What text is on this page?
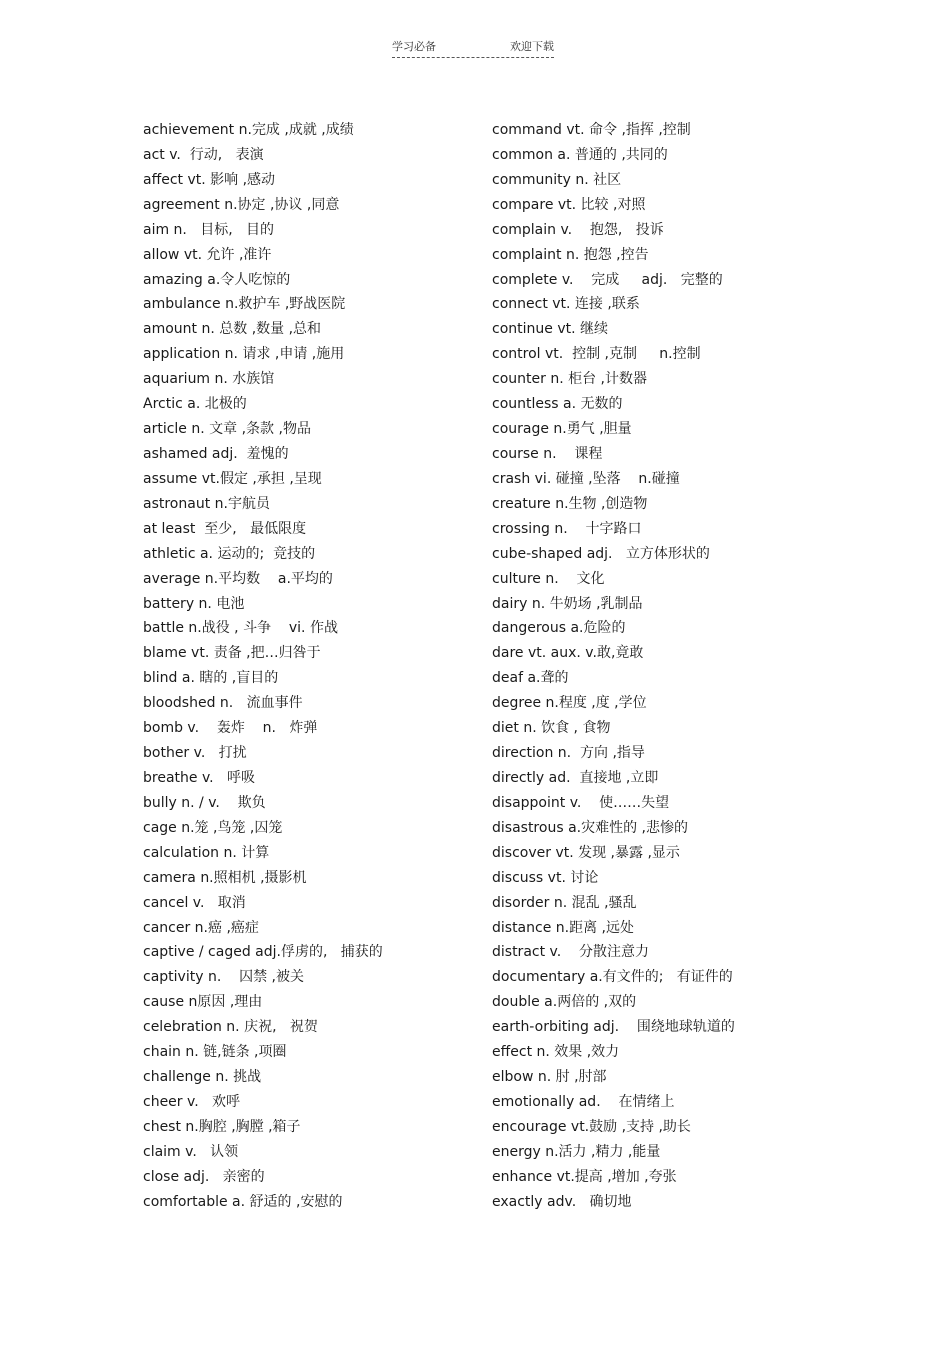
学习必备	欢迎下载
achievement n.完成 ,成就 ,成绩
act v.  行动,   表演
affect vt. 影响 ,感动
agreement n.协定 ,协议 ,同意
aim n.   目标,   目的
allow vt. 允许 ,准许
amazing a.令人吃惊的
ambulance n.救护车 ,野战医院
amount n. 总数 ,数量 ,总和
application n. 请求 ,申请 ,施用
aquarium n. 水族馆
Arctic a. 北极的
article n. 文章 ,条款 ,物品
ashamed adj.  羞愧的
assume vt.假定 ,承担 ,呈现
astronaut n.宇航员
at least  至少,   最低限度
athletic a. 运动的;  竞技的
average n.平均数    a.平均的
battery n. 电池
battle n.战役 , 斗争    vi. 作战
blame vt. 责备 ,把…归咎于
blind a. 瞎的 ,盲目的
bloodshed n.   流血事件
bomb v.    轰炸    n.   炸弹
bother v.   打扰
breathe v.   呼吸
bully n. / v.    欺负
cage n.笼 ,鸟笼 ,囚笼
calculation n. 计算
camera n.照相机 ,摄影机
cancel v.   取消
cancer n.癌 ,癌症
captive / caged adj.俘虏的,   捕获的
captivity n.    囚禁 ,被关
cause n原因 ,理由
celebration n. 庆祝,   祝贺
chain n. 链,链条 ,项圈
challenge n. 挑战
cheer v.   欢呼
chest n.胸腔 ,胸膛 ,箱子
claim v.   认领
close adj.   亲密的
comfortable a. 舒适的 ,安慰的
command vt. 命令 ,指挥 ,控制
common a. 普通的 ,共同的
community n. 社区
compare vt. 比较 ,对照
complain v.    抱怨,   投诉
complaint n. 抱怨 ,控告
complete v.    完成     adj.   完整的
connect vt. 连接 ,联系
continue vt. 继续
control vt.  控制 ,克制     n.控制
counter n. 柜台 ,计数器
countless a. 无数的
courage n.勇气 ,胆量
course n.    课程
crash vi. 碰撞 ,坠落    n.碰撞
creature n.生物 ,创造物
crossing n.    十字路口
cube-shaped adj.   立方体形状的
culture n.    文化
dairy n. 牛奶场 ,乳制品
dangerous a.危险的
dare vt. aux. v.敢,竟敢
deaf a.聋的
degree n.程度 ,度 ,学位
diet n. 饮食 , 食物
direction n.  方向 ,指导
directly ad.  直接地 ,立即
disappoint v.    使……失望
disastrous a.灾难性的 ,悲惨的
discover vt. 发现 ,暴露 ,显示
discuss vt. 讨论
disorder n. 混乱 ,骚乱
distance n.距离 ,远处
distract v.    分散注意力
documentary a.有文件的;   有证件的
double a.两倍的 ,双的
earth-orbiting adj.    围绕地球轨道的
effect n. 效果 ,效力
elbow n. 肘 ,肘部
emotionally ad.    在情绪上
encourage vt.鼓励 ,支持 ,助长
energy n.活力 ,精力 ,能量
enhance vt.提高 ,增加 ,夸张
exactly adv.   确切地
